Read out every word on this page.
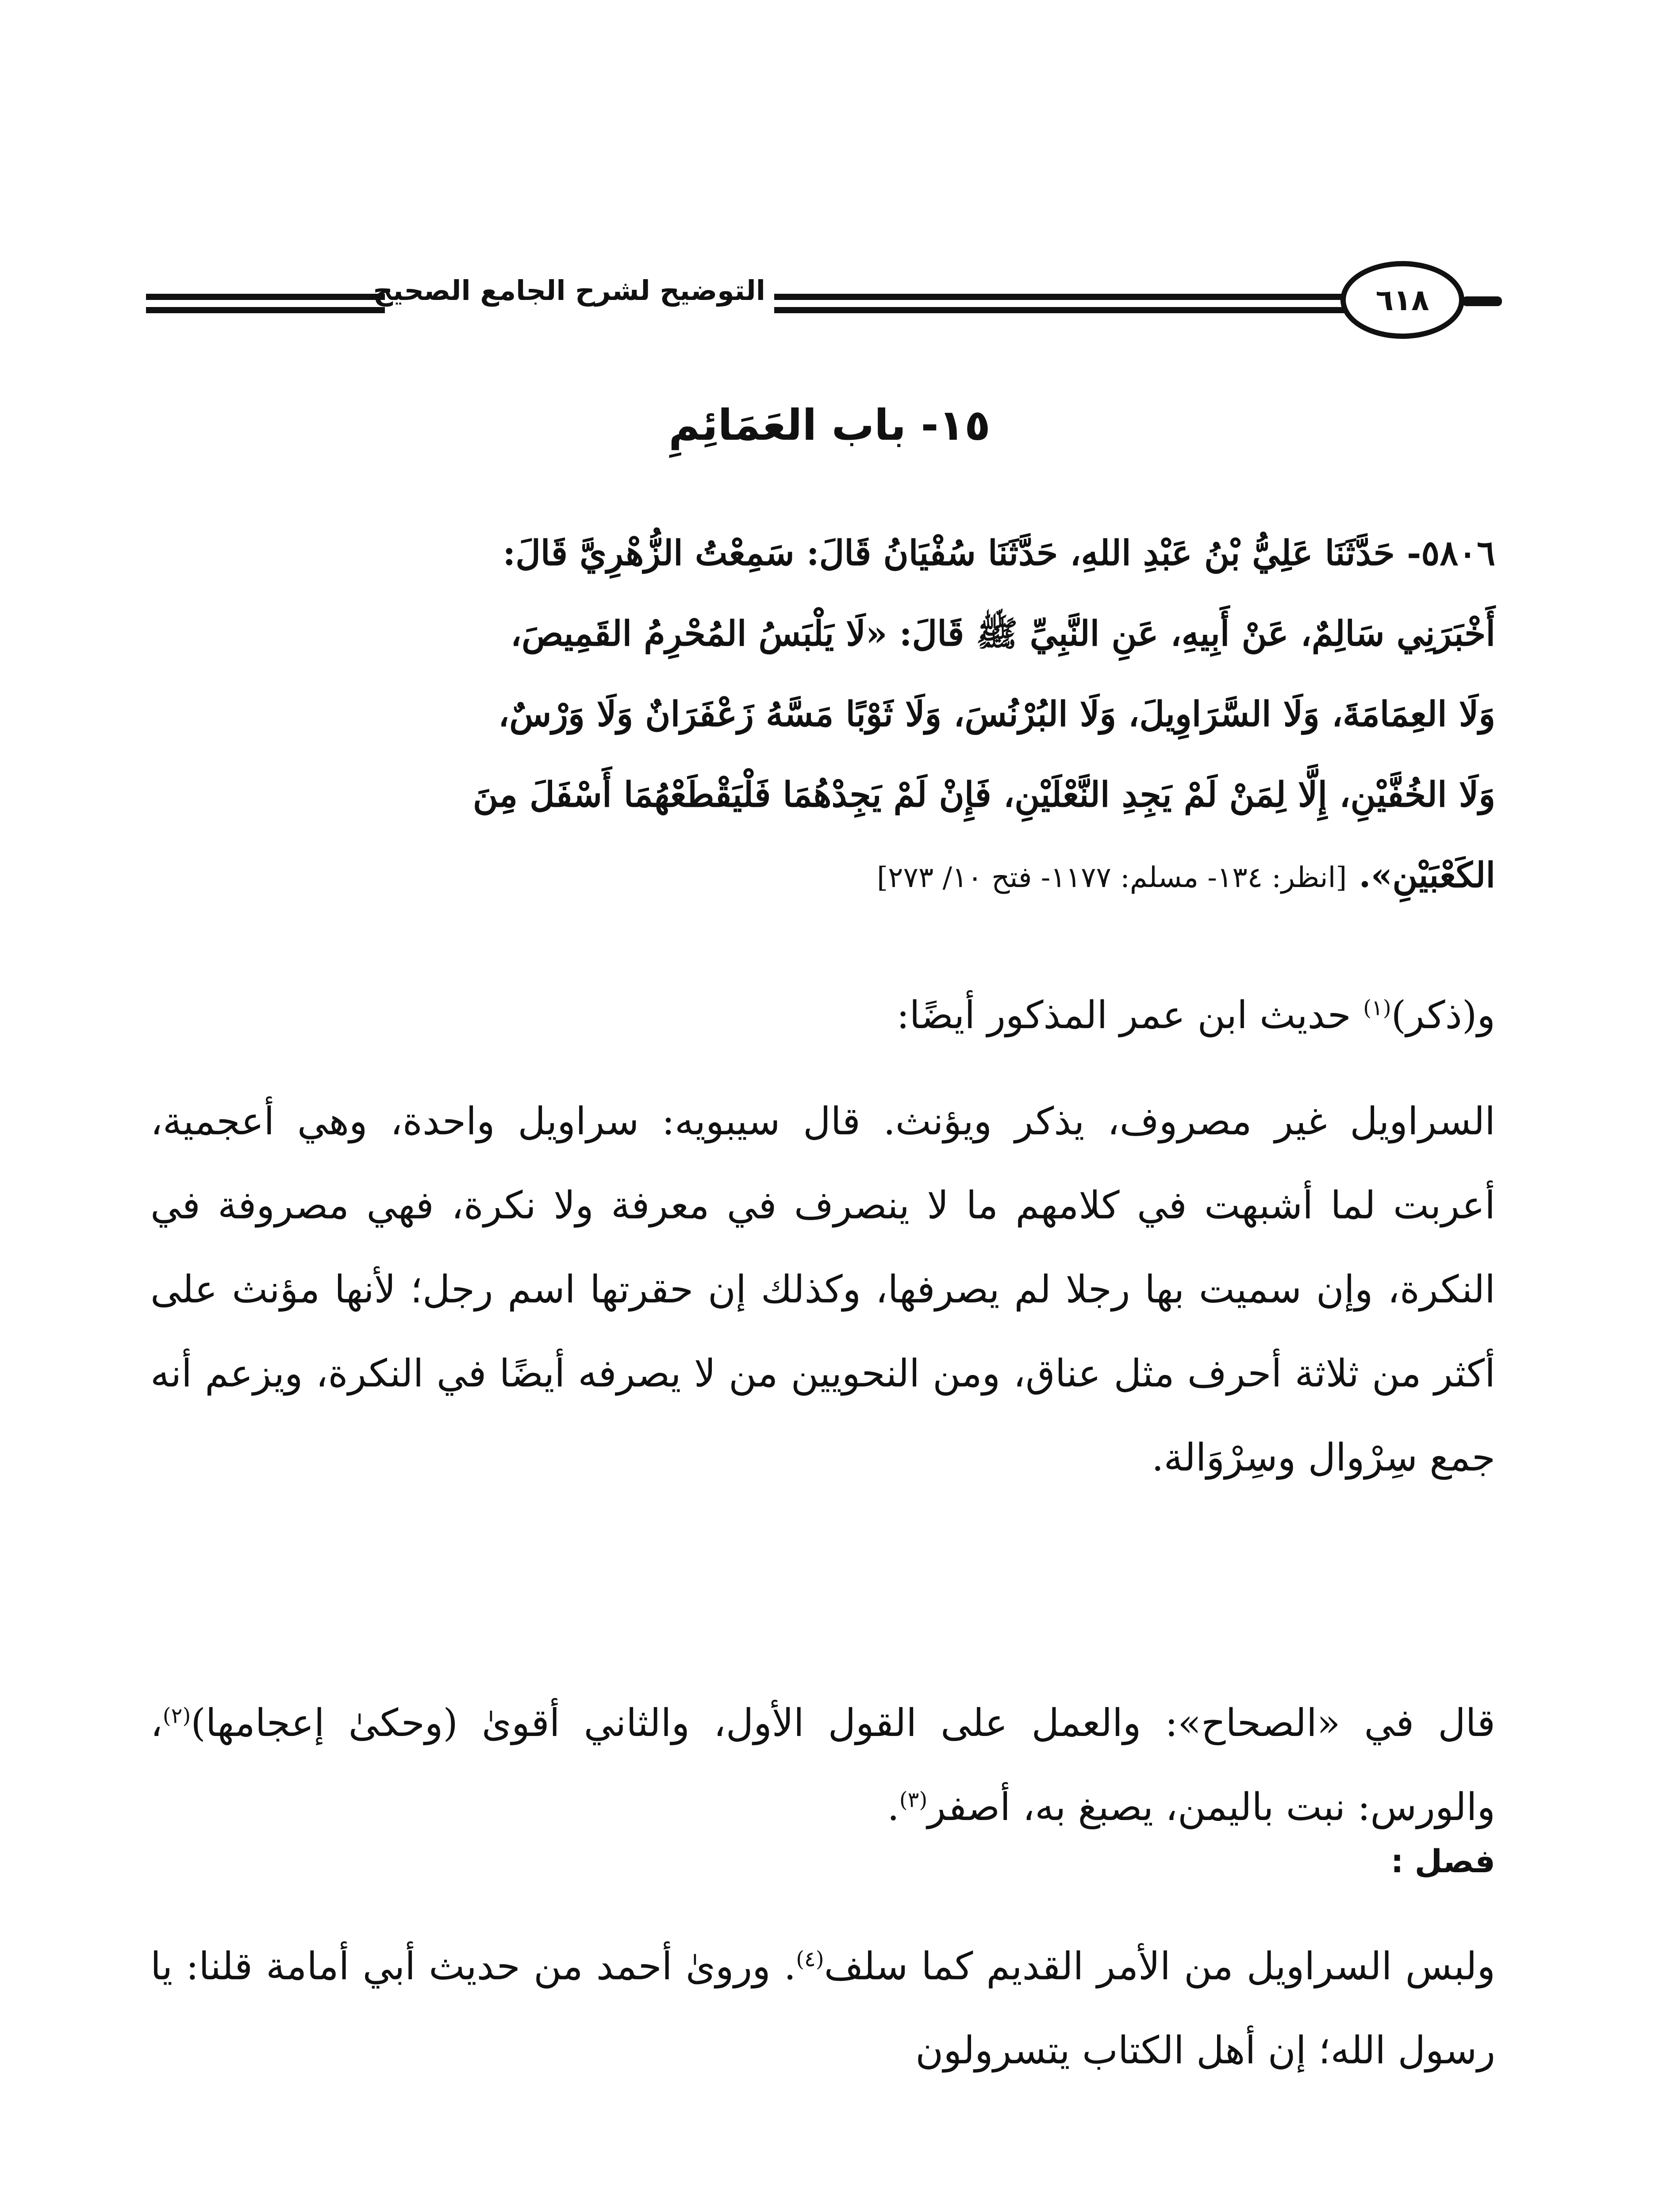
التوضيح لشرح الجامع الصحيح	٦١٨
١٥- باب العَمَائِمِ
٥٨٠٦- حَدَّثَنَا عَلِيُّ بْنُ عَبْدِ اللهِ، حَدَّثَنَا سُفْيَانُ قَالَ: سَمِعْتُ الزُّهْرِيَّ قَالَ:
أَخْبَرَنِي سَالِمٌ، عَنْ أَبِيهِ، عَنِ النَّبِيِّ ﷺ قَالَ: «لَا يَلْبَسُ المُحْرِمُ القَمِيصَ،
وَلَا العِمَامَةَ، وَلَا السَّرَاوِيلَ، وَلَا البُرْنُسَ، وَلَا ثَوْبًا مَسَّهُ زَعْفَرَانٌ وَلَا وَرْسٌ،
وَلَا الخُفَّيْنِ، إِلَّا لِمَنْ لَمْ يَجِدِ النَّعْلَيْنِ، فَإِنْ لَمْ يَجِدْهُمَا فَلْيَقْطَعْهُمَا أَسْفَلَ مِنَ
الكَعْبَيْنِ». [انظر: ١٣٤- مسلم: ١١٧٧- فتح ١٠/ ٢٧٣]
و(ذكر)$^{(١)}$ حديث ابن عمر المذكور أيضًا:
السراويل غير مصروف، يذكر ويؤنث. قال سيبويه: سراويل واحدة، وهي أعجمية، أعربت لما أشبهت في كلامهم ما لا ينصرف في معرفة ولا نكرة، فهي مصروفة في النكرة، وإن سميت بها رجلا لم يصرفها، وكذلك إن حقرتها اسم رجل؛ لأنها مؤنث على أكثر من ثلاثة أحرف مثل عناق، ومن النحويين من لا يصرفه أيضًا في النكرة، ويزعم أنه جمع سِرْوال وسِرْوَالة.
قال في «الصحاح»: والعمل على القول الأول، والثاني أقوىٰ (وحكىٰ إعجامها)$^{(٢)}$، والورس: نبت باليمن، يصبغ به، أصفر$^{(٣)}$.
فصل :
ولبس السراويل من الأمر القديم كما سلف$^{(٤)}$. وروىٰ أحمد من حديث أبي أمامة قلنا: يا رسول الله؛ إن أهل الكتاب يتسرولون
